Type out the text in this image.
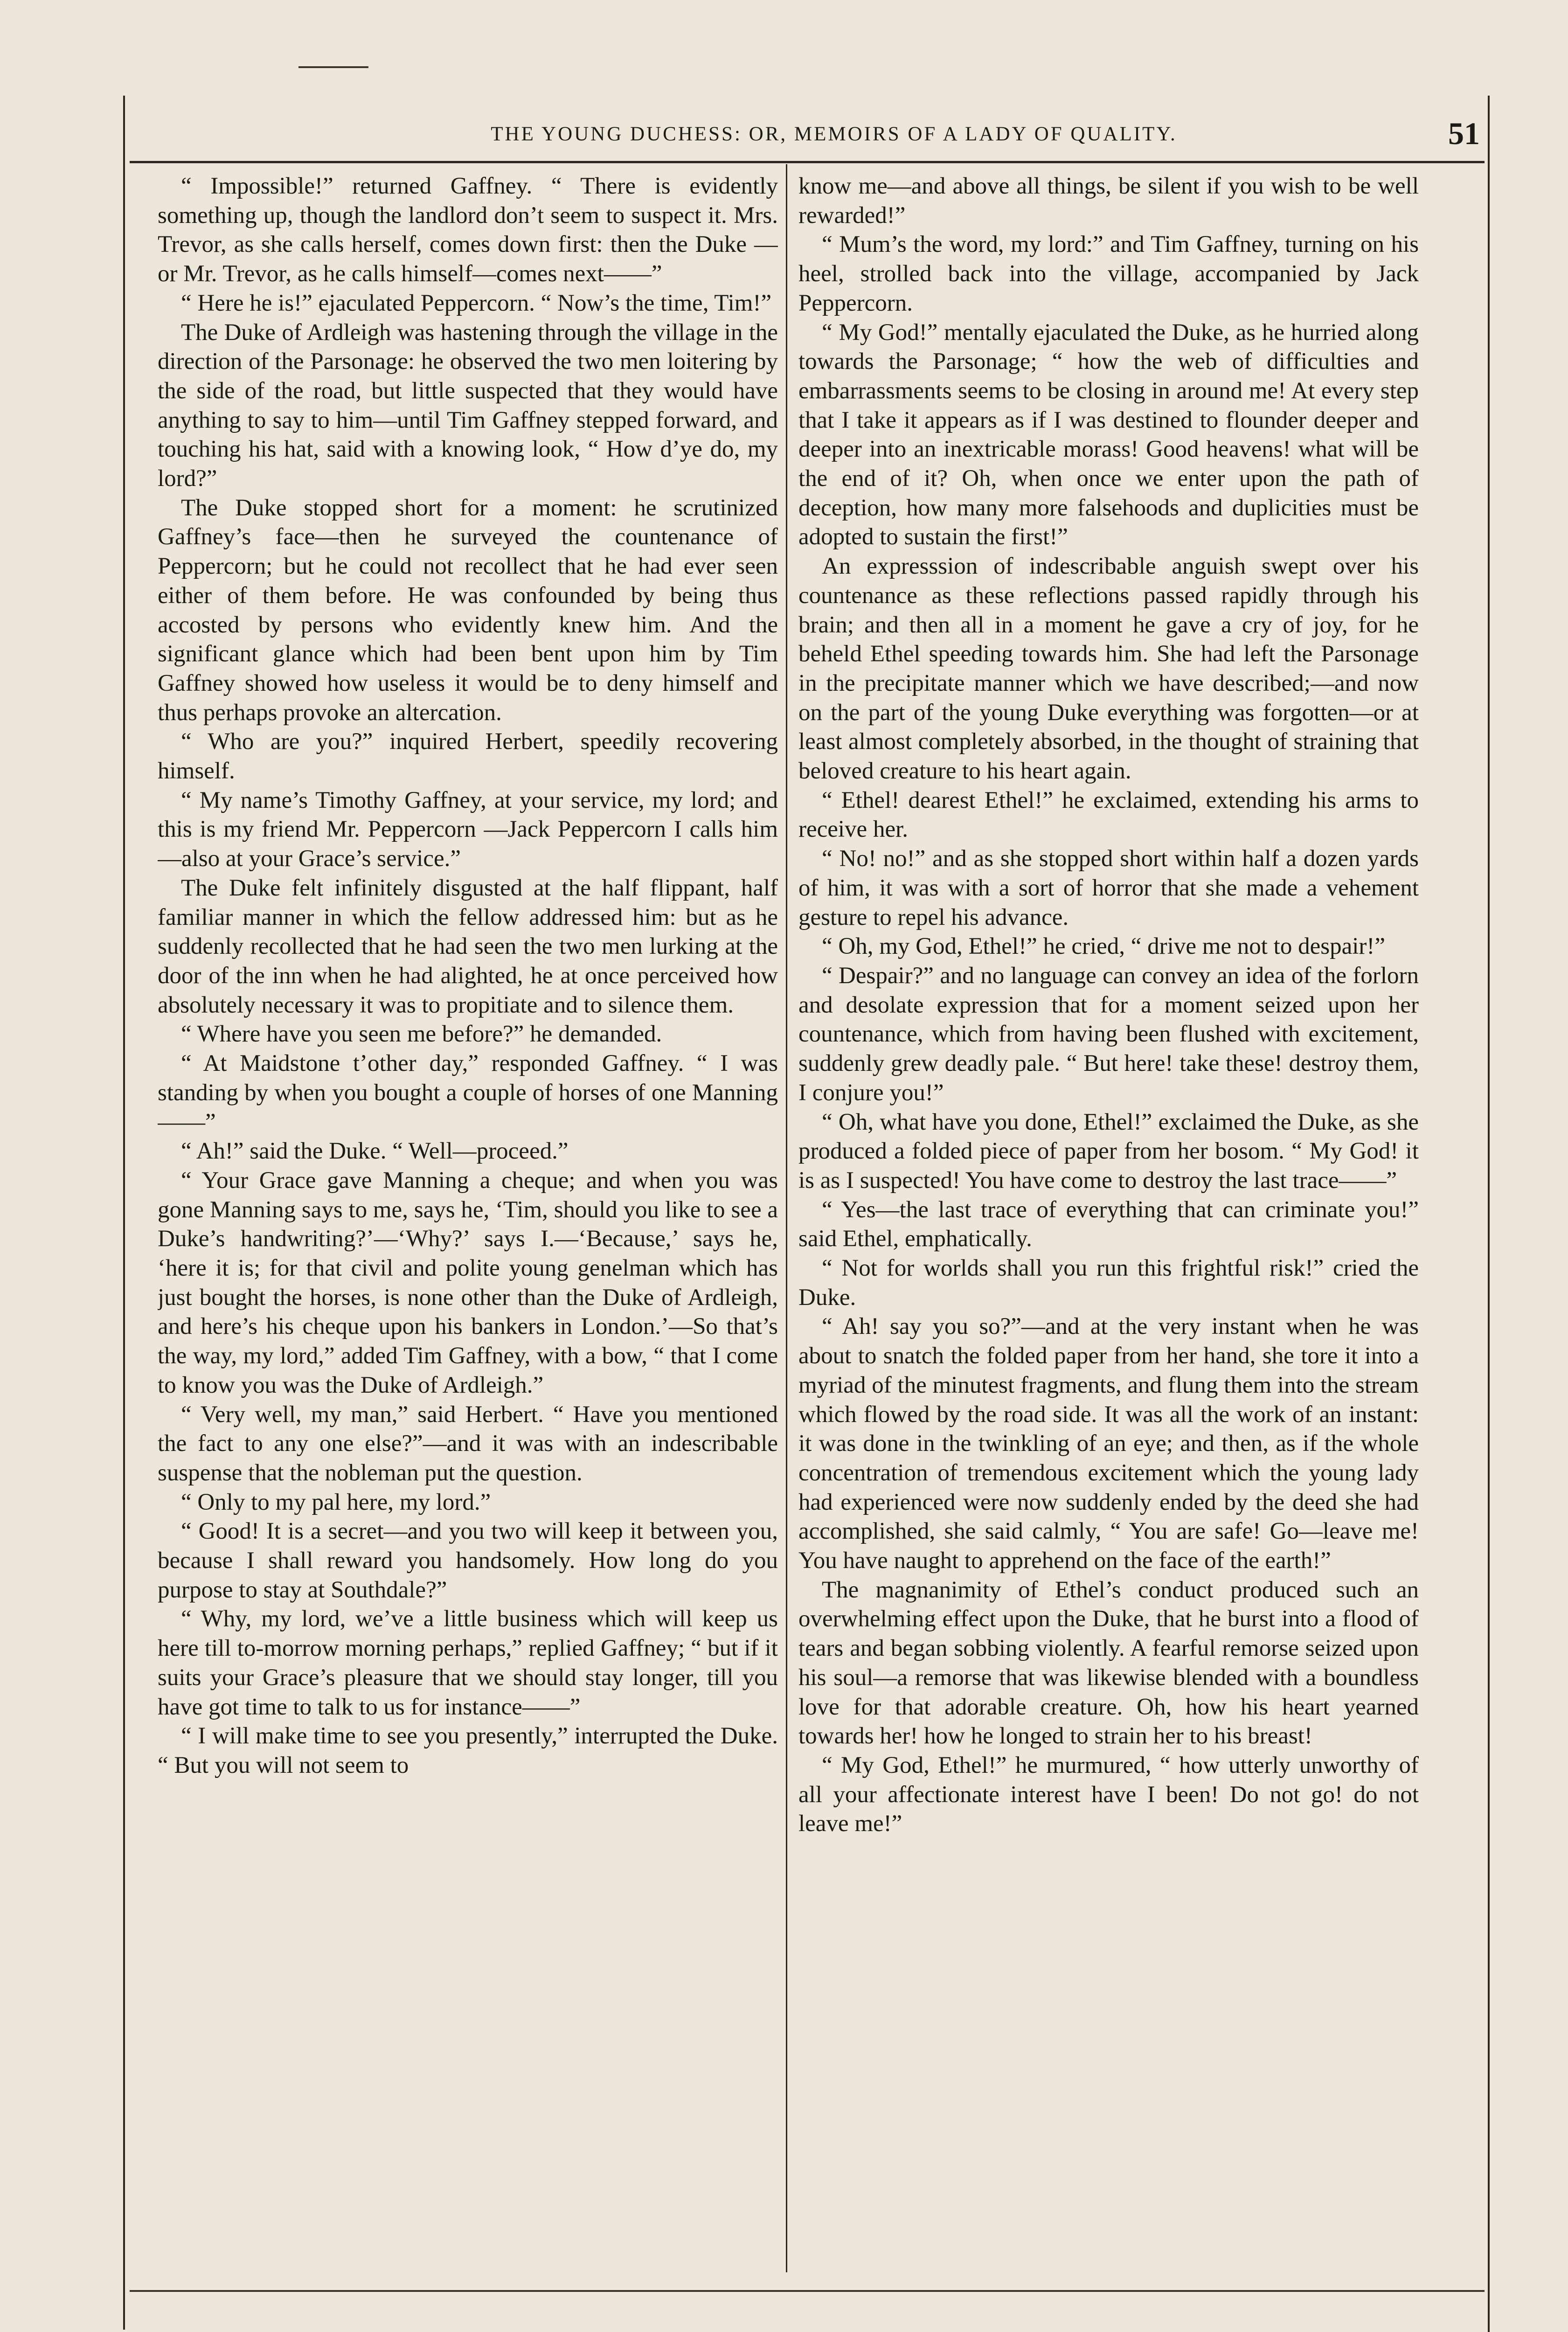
THE YOUNG DUCHESS: OR, MEMOIRS OF A LADY OF QUALITY.	51

“ Impossible!” returned Gaffney. “ There is evidently something up, though the landlord don’t seem to suspect it. Mrs. Trevor, as she calls herself, comes down first: then the Duke —or Mr. Trevor, as he calls himself—comes next——”

“ Here he is!” ejaculated Peppercorn. “ Now’s the time, Tim!”

The Duke of Ardleigh was hastening through the village in the direction of the Parsonage: he observed the two men loitering by the side of the road, but little suspected that they would have anything to say to him—until Tim Gaffney stepped forward, and touching his hat, said with a knowing look, “ How d’ye do, my lord?”

The Duke stopped short for a moment: he scrutinized Gaffney’s face—then he surveyed the countenance of Peppercorn; but he could not recollect that he had ever seen either of them before. He was confounded by being thus accosted by persons who evidently knew him. And the significant glance which had been bent upon him by Tim Gaffney showed how useless it would be to deny himself and thus perhaps provoke an altercation.

“ Who are you?” inquired Herbert, speedily recovering himself.

“ My name’s Timothy Gaffney, at your service, my lord; and this is my friend Mr. Peppercorn —Jack Peppercorn I calls him—also at your Grace’s service.”

The Duke felt infinitely disgusted at the half flippant, half familiar manner in which the fellow addressed him: but as he suddenly recollected that he had seen the two men lurking at the door of the inn when he had alighted, he at once perceived how absolutely necessary it was to propitiate and to silence them.

“ Where have you seen me before?” he demanded.

“ At Maidstone t’other day,” responded Gaffney. “ I was standing by when you bought a couple of horses of one Manning——”

“ Ah!” said the Duke. “ Well—proceed.”

“ Your Grace gave Manning a cheque; and when you was gone Manning says to me, says he, ‘Tim, should you like to see a Duke’s handwriting?’—‘Why?’ says I.—‘Because,’ says he, ‘here it is; for that civil and polite young genelman which has just bought the horses, is none other than the Duke of Ardleigh, and here’s his cheque upon his bankers in London.’—So that’s the way, my lord,” added Tim Gaffney, with a bow, “ that I come to know you was the Duke of Ardleigh.”

“ Very well, my man,” said Herbert. “ Have you mentioned the fact to any one else?”—and it was with an indescribable suspense that the nobleman put the question.

“ Only to my pal here, my lord.”

“ Good! It is a secret—and you two will keep it between you, because I shall reward you handsomely. How long do you purpose to stay at Southdale?”

“ Why, my lord, we’ve a little business which will keep us here till to-morrow morning perhaps,” replied Gaffney; “ but if it suits your Grace’s pleasure that we should stay longer, till you have got time to talk to us for instance——”

“ I will make time to see you presently,” interrupted the Duke. “ But you will not seem to

know me—and above all things, be silent if you wish to be well rewarded!”

“ Mum’s the word, my lord:” and Tim Gaffney, turning on his heel, strolled back into the village, accompanied by Jack Peppercorn.

“ My God!” mentally ejaculated the Duke, as he hurried along towards the Parsonage; “ how the web of difficulties and embarrassments seems to be closing in around me! At every step that I take it appears as if I was destined to flounder deeper and deeper into an inextricable morass! Good heavens! what will be the end of it? Oh, when once we enter upon the path of deception, how many more falsehoods and duplicities must be adopted to sustain the first!”

An expresssion of indescribable anguish swept over his countenance as these reflections passed rapidly through his brain; and then all in a moment he gave a cry of joy, for he beheld Ethel speeding towards him. She had left the Parsonage in the precipitate manner which we have described;—and now on the part of the young Duke everything was forgotten—or at least almost completely absorbed, in the thought of straining that beloved creature to his heart again.

“ Ethel! dearest Ethel!” he exclaimed, extending his arms to receive her.

“ No! no!” and as she stopped short within half a dozen yards of him, it was with a sort of horror that she made a vehement gesture to repel his advance.

“ Oh, my God, Ethel!” he cried, “ drive me not to despair!”

“ Despair?” and no language can convey an idea of the forlorn and desolate expression that for a moment seized upon her countenance, which from having been flushed with excitement, suddenly grew deadly pale. “ But here! take these! destroy them, I conjure you!”

“ Oh, what have you done, Ethel!” exclaimed the Duke, as she produced a folded piece of paper from her bosom. “ My God! it is as I suspected! You have come to destroy the last trace——”

“ Yes—the last trace of everything that can criminate you!” said Ethel, emphatically.

“ Not for worlds shall you run this frightful risk!” cried the Duke.

“ Ah! say you so?”—and at the very instant when he was about to snatch the folded paper from her hand, she tore it into a myriad of the minutest fragments, and flung them into the stream which flowed by the road side. It was all the work of an instant: it was done in the twinkling of an eye; and then, as if the whole concentration of tremendous excitement which the young lady had experienced were now suddenly ended by the deed she had accomplished, she said calmly, “ You are safe! Go—leave me! You have naught to apprehend on the face of the earth!”

The magnanimity of Ethel’s conduct produced such an overwhelming effect upon the Duke, that he burst into a flood of tears and began sobbing violently. A fearful remorse seized upon his soul—a remorse that was likewise blended with a boundless love for that adorable creature. Oh, how his heart yearned towards her! how he longed to strain her to his breast!

“ My God, Ethel!” he murmured, “ how utterly unworthy of all your affectionate interest have I been! Do not go! do not leave me!”
